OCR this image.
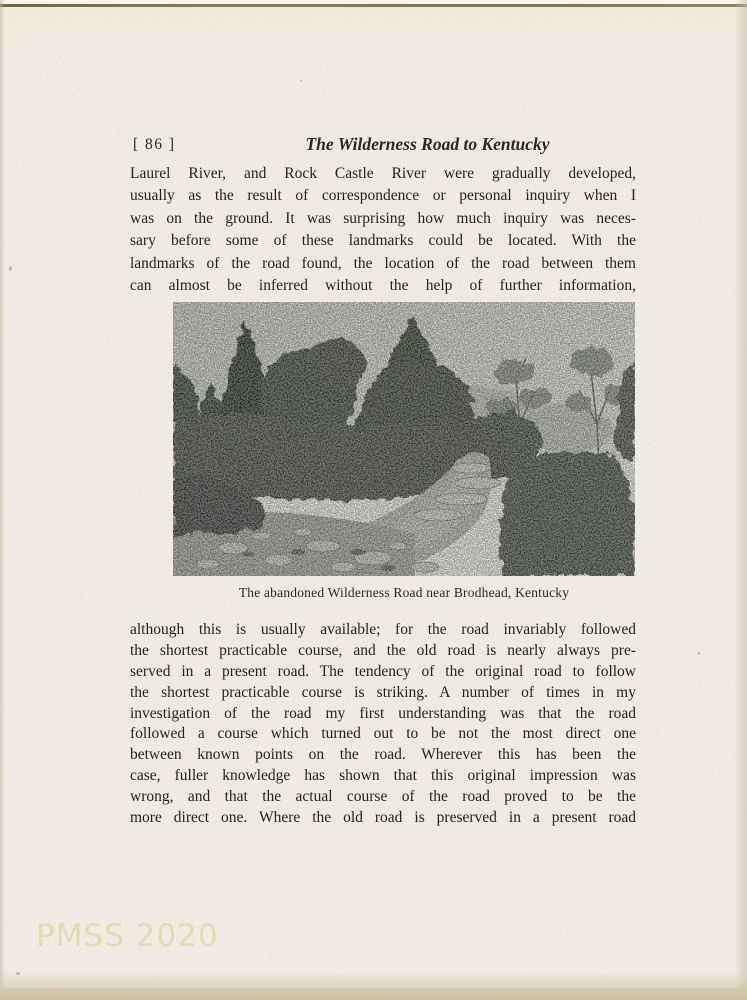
[ 86 ]	The Wilderness Road to Kentucky
Laurel River, and Rock Castle River were gradually developed,
usually as the result of correspondence or personal inquiry when I
was on the ground. It was surprising how much inquiry was neces-
sary before some of these landmarks could be located. With the
landmarks of the road found, the location of the road between them
can almost be inferred without the help of further information,
The abandoned Wilderness Road near Brodhead, Kentucky
although this is usually available; for the road invariably followed
the shortest practicable course, and the old road is nearly always pre-
served in a present road. The tendency of the original road to follow
the shortest practicable course is striking. A number of times in my
investigation of the road my first understanding was that the road
followed a course which turned out to be not the most direct one
between known points on the road. Wherever this has been the
case, fuller knowledge has shown that this original impression was
wrong, and that the actual course of the road proved to be the
more direct one. Where the old road is preserved in a present road
PMSS 2020
